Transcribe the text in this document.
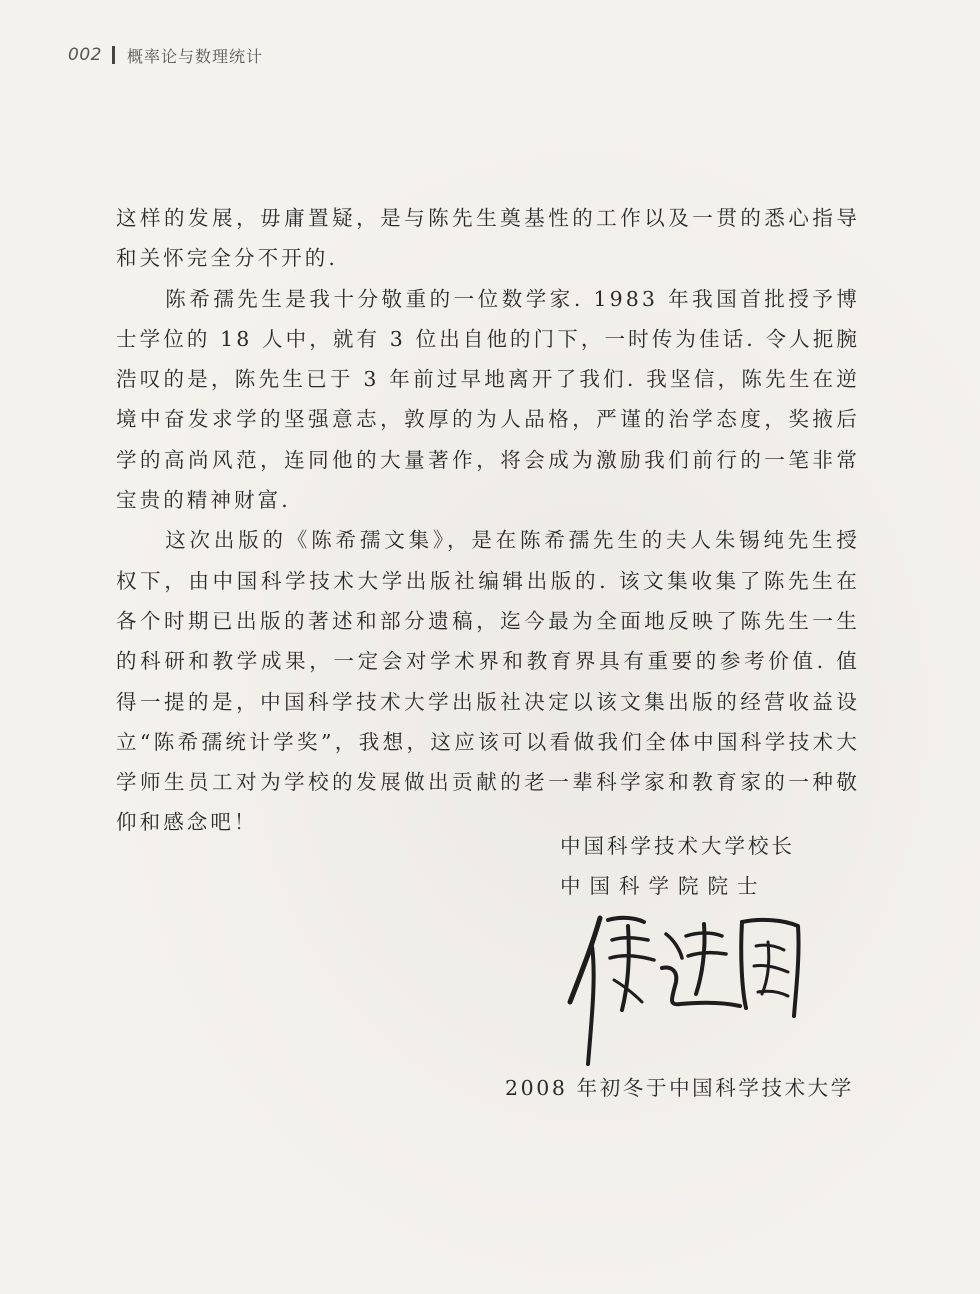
002 概率论与数理统计

这样的发展，毋庸置疑，是与陈先生奠基性的工作以及一贯的悉心指导和关怀完全分不开的.

陈希孺先生是我十分敬重的一位数学家. 1983 年我国首批授予博士学位的 18 人中，就有 3 位出自他的门下，一时传为佳话. 令人扼腕浩叹的是，陈先生已于 3 年前过早地离开了我们. 我坚信，陈先生在逆境中奋发求学的坚强意志，敦厚的为人品格，严谨的治学态度，奖掖后学的高尚风范，连同他的大量著作，将会成为激励我们前行的一笔非常宝贵的精神财富.

这次出版的《陈希孺文集》，是在陈希孺先生的夫人朱锡纯先生授权下，由中国科学技术大学出版社编辑出版的. 该文集收集了陈先生在各个时期已出版的著述和部分遗稿，迄今最为全面地反映了陈先生一生的科研和教学成果，一定会对学术界和教育界具有重要的参考价值. 值得一提的是，中国科学技术大学出版社决定以该文集出版的经营收益设立“陈希孺统计学奖”，我想，这应该可以看做我们全体中国科学技术大学师生员工对为学校的发展做出贡献的老一辈科学家和教育家的一种敬仰和感念吧！

中国科学技术大学校长
中国科学院院士
2008 年初冬于中国科学技术大学
